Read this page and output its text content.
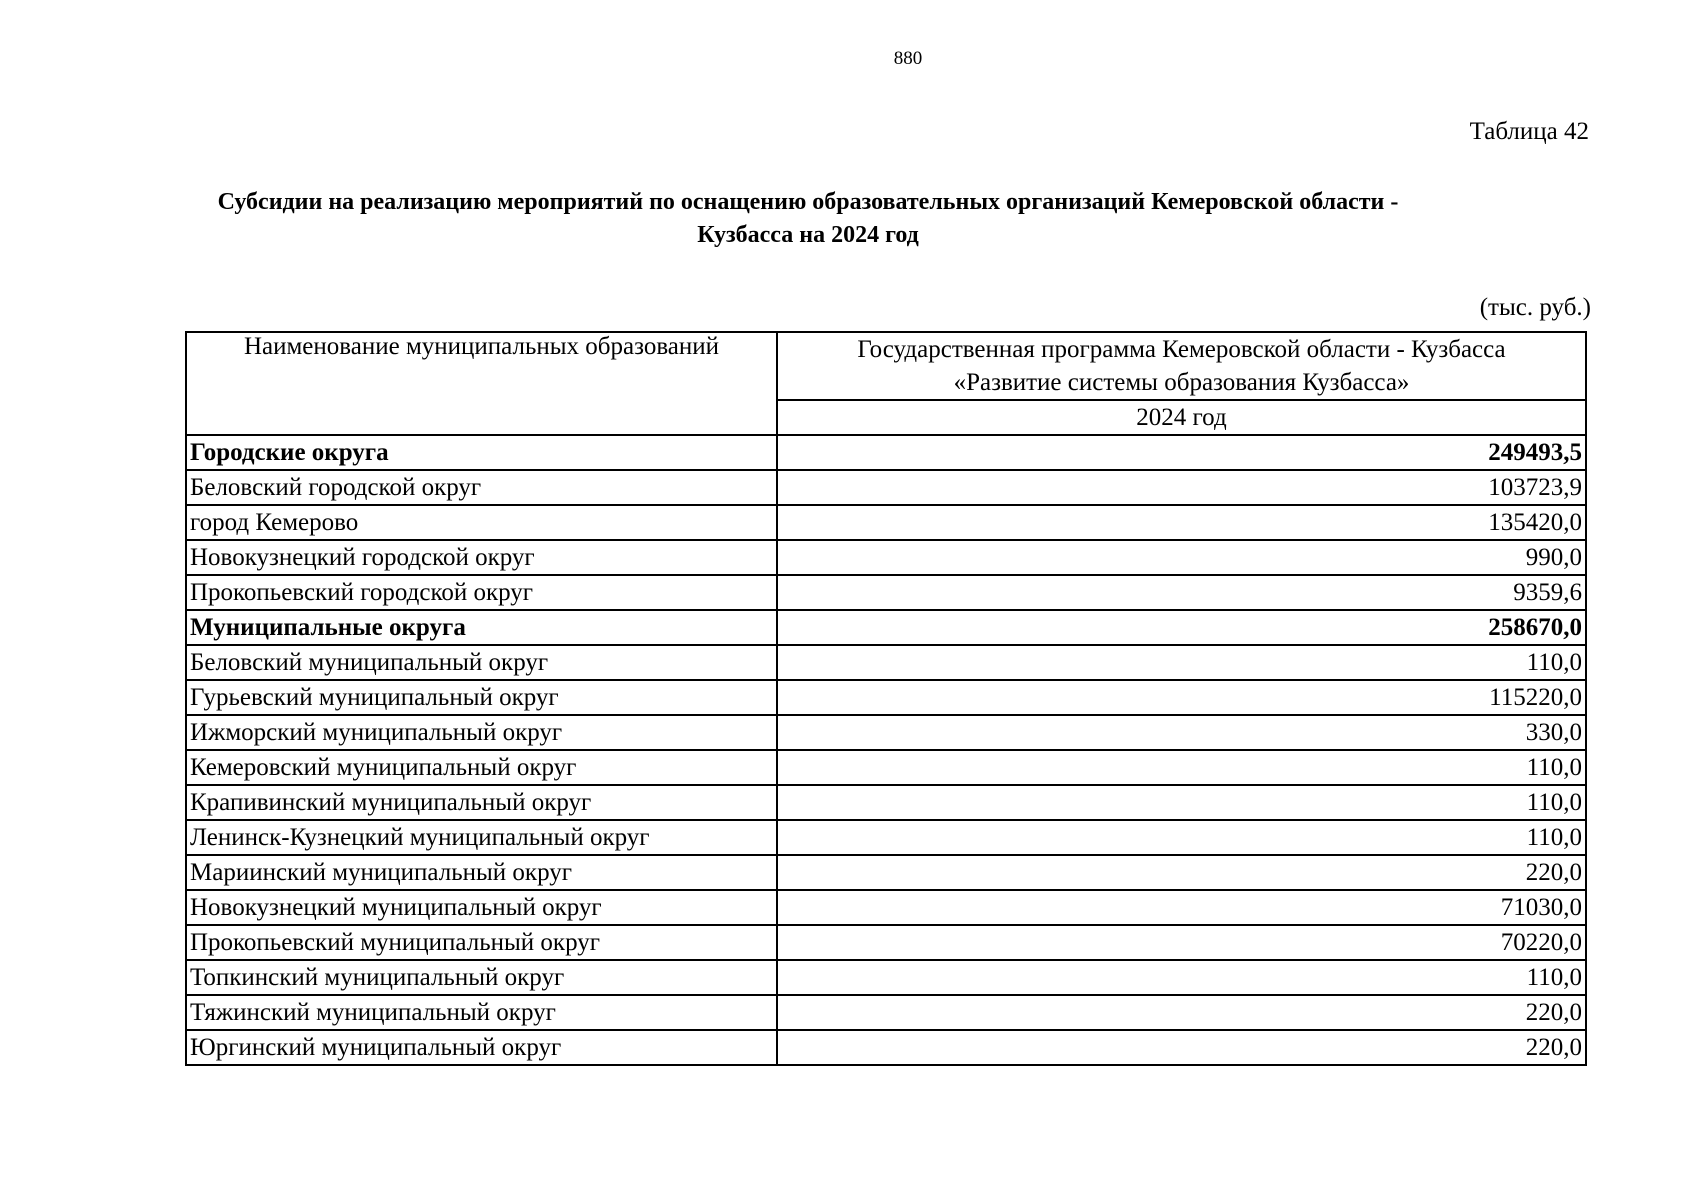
880
Таблица 42
Субсидии на реализацию мероприятий по оснащению образовательных организаций Кемеровской области -
Кузбасса на 2024 год
(тыс. руб.)
Наименование муниципальных образований	Государственная программа Кемеровской области - Кузбасса
«Развитие системы образования Кузбасса»

	2024 год
Городские округа	249493,5
Беловский городской округ	103723,9
город Кемерово	135420,0
Новокузнецкий городской округ	990,0
Прокопьевский городской округ	9359,6
Муниципальные округа	258670,0
Беловский муниципальный округ	110,0
Гурьевский муниципальный округ	115220,0
Ижморский муниципальный округ	330,0
Кемеровский муниципальный округ	110,0
Крапивинский муниципальный округ	110,0
Ленинск-Кузнецкий муниципальный округ	110,0
Мариинский муниципальный округ	220,0
Новокузнецкий муниципальный округ	71030,0
Прокопьевский муниципальный округ	70220,0
Топкинский муниципальный округ	110,0
Тяжинский муниципальный округ	220,0
Юргинский муниципальный округ	220,0
